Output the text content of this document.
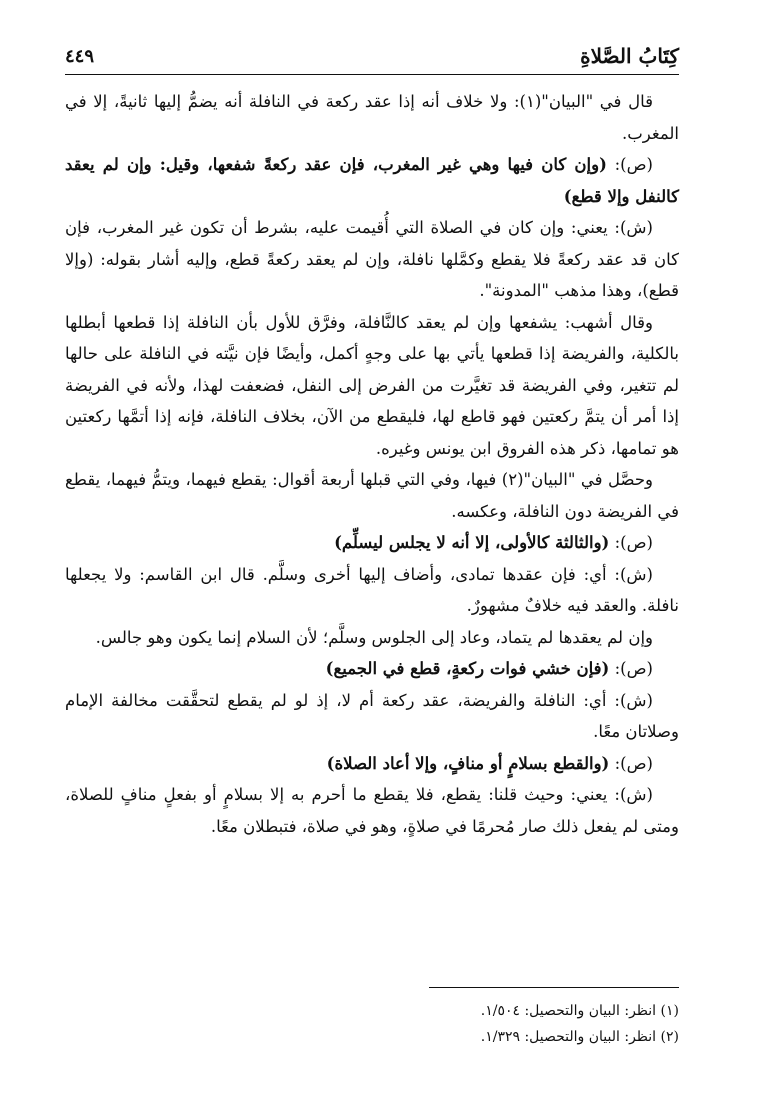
كِتَابُ الصَّلاةِ
٤٤٩

قال في "البيان"(١): ولا خلاف أنه إذا عقد ركعة في النافلة أنه يضمُّ إليها ثانيةً، إلا في المغرب.

(ص): (وإن كان فيها وهي غير المغرب، فإن عقد ركعةً شفعها، وقيل: وإن لم يعقد كالنفل وإلا قطع)

(ش): يعني: وإن كان في الصلاة التي أُقيمت عليه، بشرط أن تكون غير المغرب، فإن كان قد عقد ركعةً فلا يقطع وكمَّلها نافلة، وإن لم يعقد ركعةً قطع، وإليه أشار بقوله: (وإلا قطع)، وهذا مذهب "المدونة".

وقال أشهب: يشفعها وإن لم يعقد كالنَّافلة، وفرَّق للأول بأن النافلة إذا قطعها أبطلها بالكلية، والفريضة إذا قطعها يأتي بها على وجهٍ أكمل، وأيضًا فإن نيَّته في النافلة على حالها لم تتغير، وفي الفريضة قد تغيَّرت من الفرض إلى النفل، فضعفت لهذا، ولأنه في الفريضة إذا أمر أن يتمَّ ركعتين فهو قاطع لها، فليقطع من الآن، بخلاف النافلة، فإنه إذا أتمَّها ركعتين هو تمامها، ذكر هذه الفروق ابن يونس وغيره.

وحصَّل في "البيان"(٢) فيها، وفي التي قبلها أربعة أقوال: يقطع فيهما، ويتمُّ فيهما، يقطع في الفريضة دون النافلة، وعكسه.

(ص): (والثالثة كالأولى، إلا أنه لا يجلس ليسلِّم)

(ش): أي: فإن عقدها تمادى، وأضاف إليها أخرى وسلَّم. قال ابن القاسم: ولا يجعلها نافلة. والعقد فيه خلافٌ مشهورٌ.

وإن لم يعقدها لم يتماد، وعاد إلى الجلوس وسلَّم؛ لأن السلام إنما يكون وهو جالس.

(ص): (فإن خشي فوات ركعةٍ، قطع في الجميع)

(ش): أي: النافلة والفريضة، عقد ركعة أم لا، إذ لو لم يقطع لتحقَّقت مخالفة الإمام وصلاتان معًا.

(ص): (والقطع بسلامٍ أو منافٍ، وإلا أعاد الصلاة)

(ش): يعني: وحيث قلنا: يقطع، فلا يقطع ما أحرم به إلا بسلامٍ أو بفعلٍ منافٍ للصلاة، ومتى لم يفعل ذلك صار مُحرمًا في صلاةٍ، وهو في صلاة، فتبطلان معًا.

(١) انظر: البيان والتحصيل: ١/٥٠٤.

(٢) انظر: البيان والتحصيل: ١/٣٢٩.
